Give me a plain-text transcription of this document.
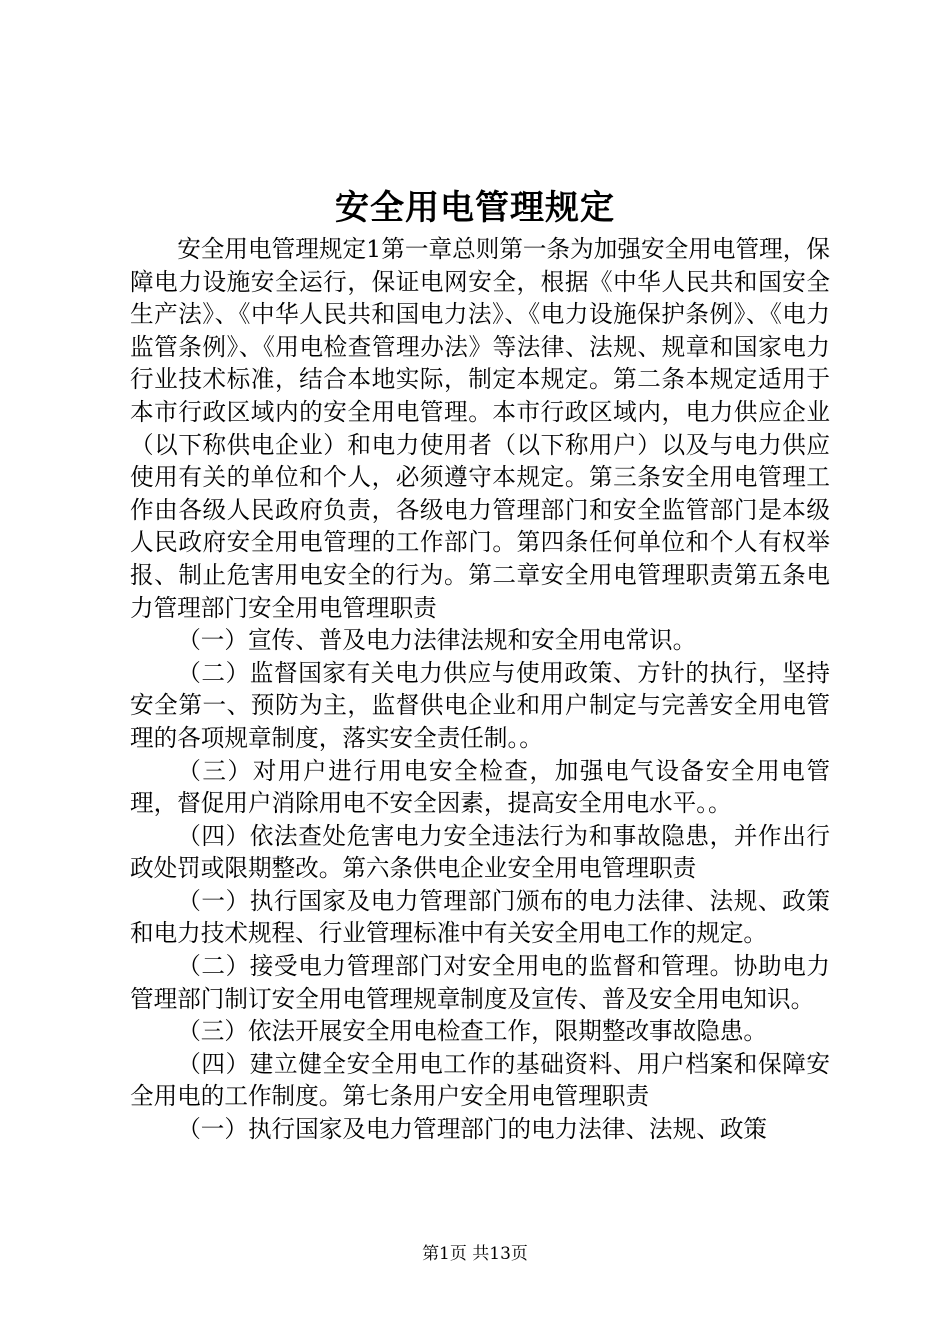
安全用电管理规定

安全用电管理规定1第一章总则第一条为加强安全用电管理，保障电力设施安全运行，保证电网安全，根据《中华人民共和国安全生产法》、《中华人民共和国电力法》、《电力设施保护条例》、《电力监管条例》、《用电检查管理办法》等法律、法规、规章和国家电力行业技术标准，结合本地实际，制定本规定。第二条本规定适用于本市行政区域内的安全用电管理。本市行政区域内，电力供应企业（以下称供电企业）和电力使用者（以下称用户）以及与电力供应使用有关的单位和个人，必须遵守本规定。第三条安全用电管理工作由各级人民政府负责，各级电力管理部门和安全监管部门是本级人民政府安全用电管理的工作部门。第四条任何单位和个人有权举报、制止危害用电安全的行为。第二章安全用电管理职责第五条电力管理部门安全用电管理职责

（一）宣传、普及电力法律法规和安全用电常识。

（二）监督国家有关电力供应与使用政策、方针的执行，坚持安全第一、预防为主，监督供电企业和用户制定与完善安全用电管理的各项规章制度，落实安全责任制。。

（三）对用户进行用电安全检查，加强电气设备安全用电管理，督促用户消除用电不安全因素，提高安全用电水平。。

（四）依法查处危害电力安全违法行为和事故隐患，并作出行政处罚或限期整改。第六条供电企业安全用电管理职责

（一）执行国家及电力管理部门颁布的电力法律、法规、政策和电力技术规程、行业管理标准中有关安全用电工作的规定。

（二）接受电力管理部门对安全用电的监督和管理。协助电力管理部门制订安全用电管理规章制度及宣传、普及安全用电知识。

（三）依法开展安全用电检查工作，限期整改事故隐患。

（四）建立健全安全用电工作的基础资料、用户档案和保障安全用电的工作制度。第七条用户安全用电管理职责

（一）执行国家及电力管理部门的电力法律、法规、政策

第1页 共13页
